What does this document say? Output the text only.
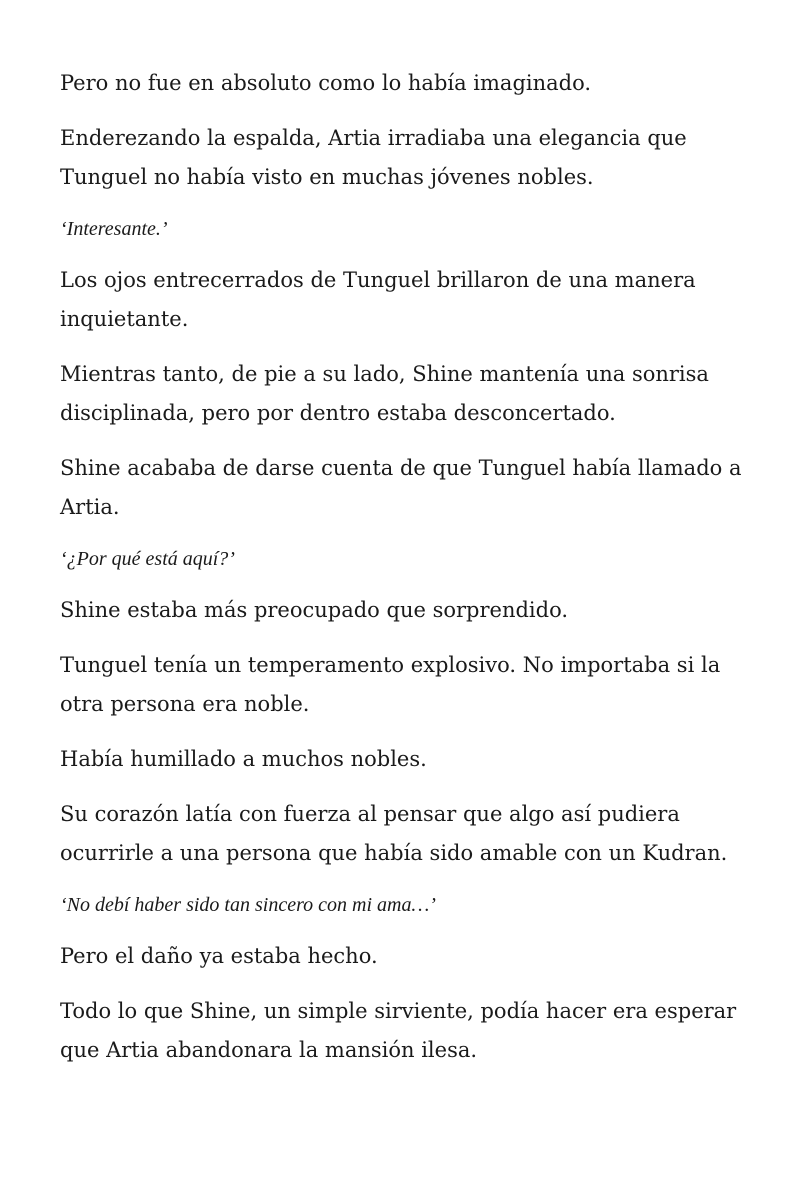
Pero no fue en absoluto como lo había imaginado.

Enderezando la espalda, Artia irradiaba una elegancia que Tunguel no había visto en muchas jóvenes nobles.

‘Interesante.’

Los ojos entrecerrados de Tunguel brillaron de una manera inquietante.

Mientras tanto, de pie a su lado, Shine mantenía una sonrisa disciplinada, pero por dentro estaba desconcertado.

Shine acababa de darse cuenta de que Tunguel había llamado a Artia.

‘¿Por qué está aquí?’

Shine estaba más preocupado que sorprendido.

Tunguel tenía un temperamento explosivo. No importaba si la otra persona era noble.

Había humillado a muchos nobles.

Su corazón latía con fuerza al pensar que algo así pudiera ocurrirle a una persona que había sido amable con un Kudran.

‘No debí haber sido tan sincero con mi ama…’

Pero el daño ya estaba hecho.

Todo lo que Shine, un simple sirviente, podía hacer era esperar que Artia abandonara la mansión ilesa.
